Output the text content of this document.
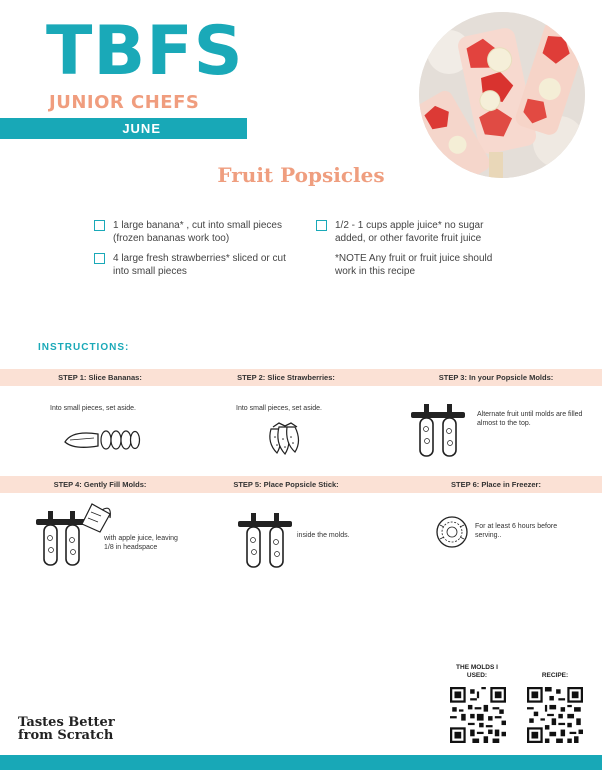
TBFS
JUNIOR CHEFS
JUNE
Fruit Popsicles
1 large banana* , cut into small pieces (frozen bananas work too)
4 large fresh strawberries* sliced or cut into small pieces
1/2 - 1 cups apple juice* no sugar added, or other favorite fruit juice
*NOTE Any fruit or fruit juice should work in this recipe
INSTRUCTIONS:
STEP 1: Slice Bananas:	STEP 2: Slice Strawberries:	STEP 3: In your Popsicle Molds:
Into small pieces, set aside.	Into small pieces, set aside.
Alternate fruit until molds are filled almost to the top.
STEP 4: Gently Fill Molds:	STEP 5: Place Popsicle Stick:	STEP 6: Place in Freezer:
with apple juice, leaving 1/8 in headspace
inside the molds.
For at least 6 hours before serving..
THE MOLDS I USED:	RECIPE:
Tastes Better
from Scratch
